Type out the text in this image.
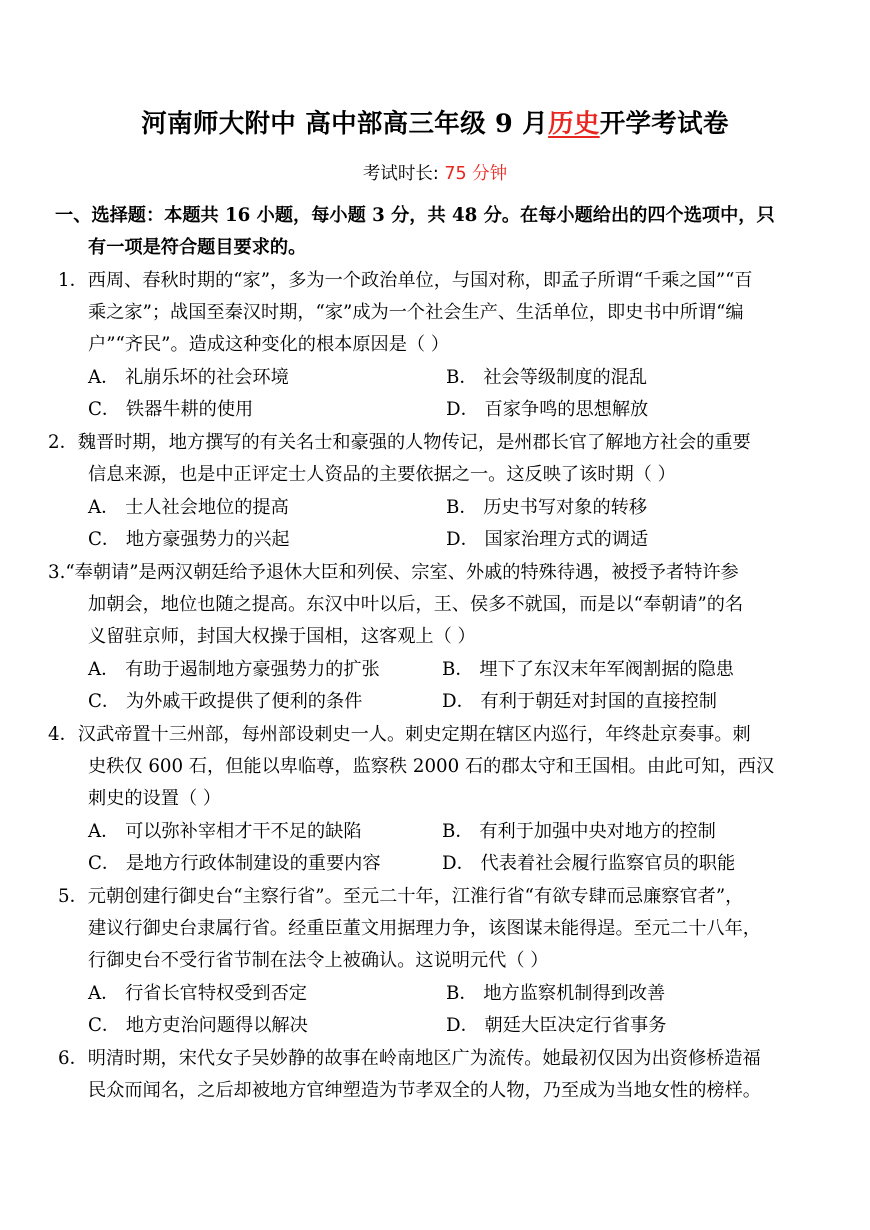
河南师大附中 高中部高三年级 9 月历史开学考试卷
考试时长: 75 分钟
一、选择题：本题共 16 小题，每小题 3 分，共 48 分。在每小题给出的四个选项中，只
有一项是符合题目要求的。
1．西周、春秋时期的“家”，多为一个政治单位，与国对称，即孟子所谓“千乘之国”“百
乘之家”；战国至秦汉时期，“家”成为一个社会生产、生活单位，即史书中所谓“编
户”“齐民”。造成这种变化的根本原因是（ ）
A． 礼崩乐坏的社会环境	B． 社会等级制度的混乱
C． 铁器牛耕的使用	D． 百家争鸣的思想解放
2．魏晋时期，地方撰写的有关名士和豪强的人物传记，是州郡长官了解地方社会的重要
信息来源，也是中正评定士人资品的主要依据之一。这反映了该时期（ ）
A． 士人社会地位的提高	B． 历史书写对象的转移
C． 地方豪强势力的兴起	D． 国家治理方式的调适
3.“奉朝请”是两汉朝廷给予退休大臣和列侯、宗室、外戚的特殊待遇，被授予者特许参
加朝会，地位也随之提高。东汉中叶以后，王、侯多不就国，而是以“奉朝请”的名
义留驻京师，封国大权操于国相，这客观上（ ）
A． 有助于遏制地方豪强势力的扩张	B． 埋下了东汉末年军阀割据的隐患
C． 为外戚干政提供了便利的条件	D． 有利于朝廷对封国的直接控制
4．汉武帝置十三州部，每州部设刺史一人。刺史定期在辖区内巡行，年终赴京奏事。刺
史秩仅 600 石，但能以卑临尊，监察秩 2000 石的郡太守和王国相。由此可知，西汉
刺史的设置（ ）
A． 可以弥补宰相才干不足的缺陷	B． 有利于加强中央对地方的控制
C． 是地方行政体制建设的重要内容	D． 代表着社会履行监察官员的职能
5．元朝创建行御史台“主察行省”。至元二十年，江淮行省“有欲专肆而忌廉察官者”，
建议行御史台隶属行省。经重臣董文用据理力争，该图谋未能得逞。至元二十八年，
行御史台不受行省节制在法令上被确认。这说明元代（ ）
A． 行省长官特权受到否定	B． 地方监察机制得到改善
C． 地方吏治问题得以解决	D． 朝廷大臣决定行省事务
6．明清时期，宋代女子吴妙静的故事在岭南地区广为流传。她最初仅因为出资修桥造福
民众而闻名，之后却被地方官绅塑造为节孝双全的人物，乃至成为当地女性的榜样。
